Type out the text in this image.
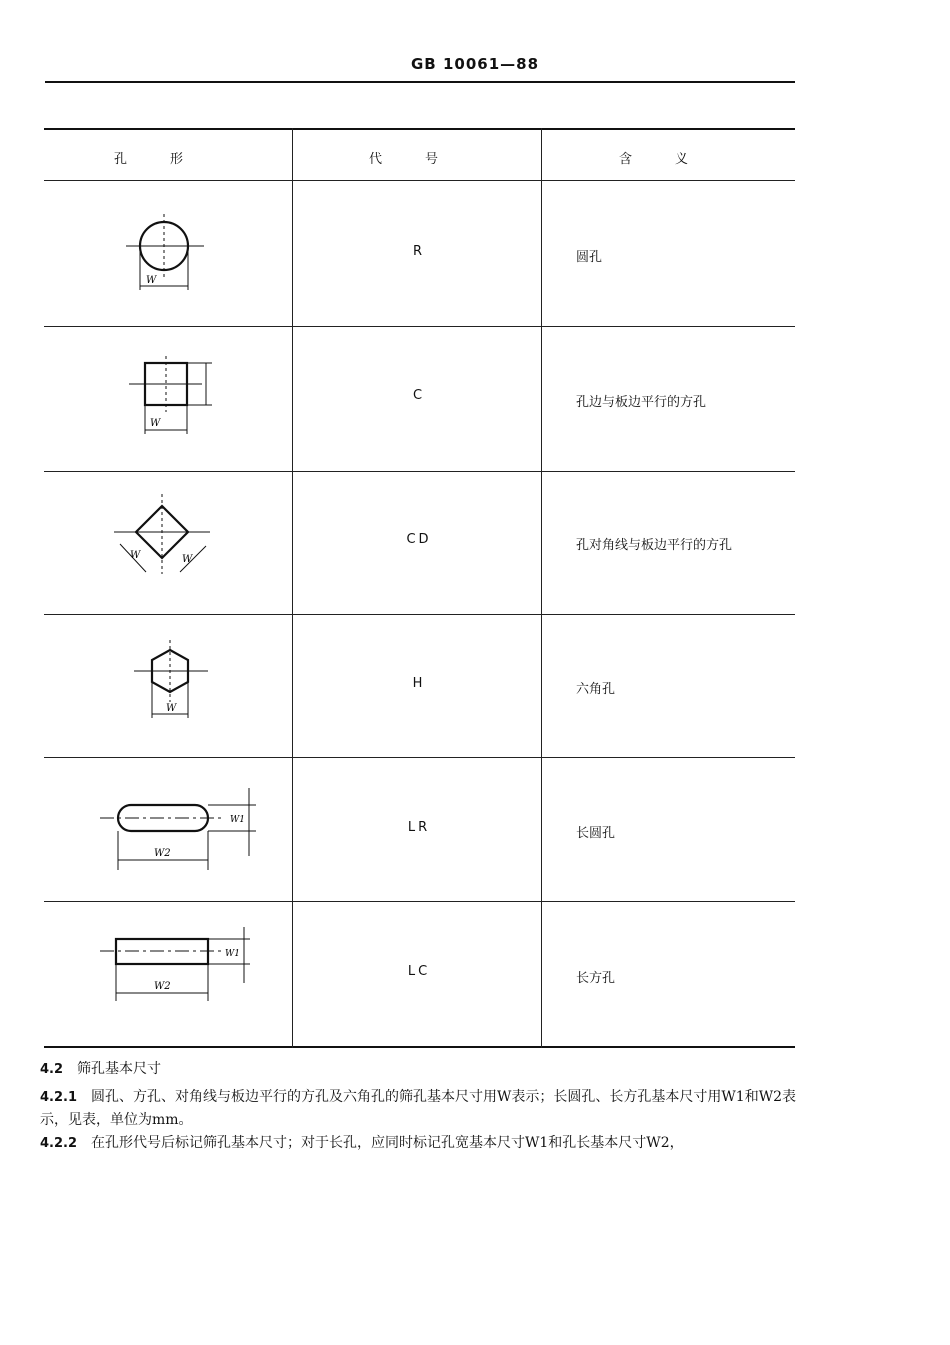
GB 10061—88
孔　　　形	代　　　号	含　　　义
W
R	圆孔
W
C	孔边与板边平行的方孔
W	W
CD	孔对角线与板边平行的方孔
W
H	六角孔
W2
W1	LR	长圆孔
W2
W1
LC	长方孔
4.2 筛孔基本尺寸
4.2.1 圆孔、方孔、对角线与板边平行的方孔及六角孔的筛孔基本尺寸用W表示；长圆孔、长方孔基本尺寸用W1和W2表示，见表，单位为mm。
4.2.2 在孔形代号后标记筛孔基本尺寸；对于长孔，应同时标记孔宽基本尺寸W1和孔长基本尺寸W2，
